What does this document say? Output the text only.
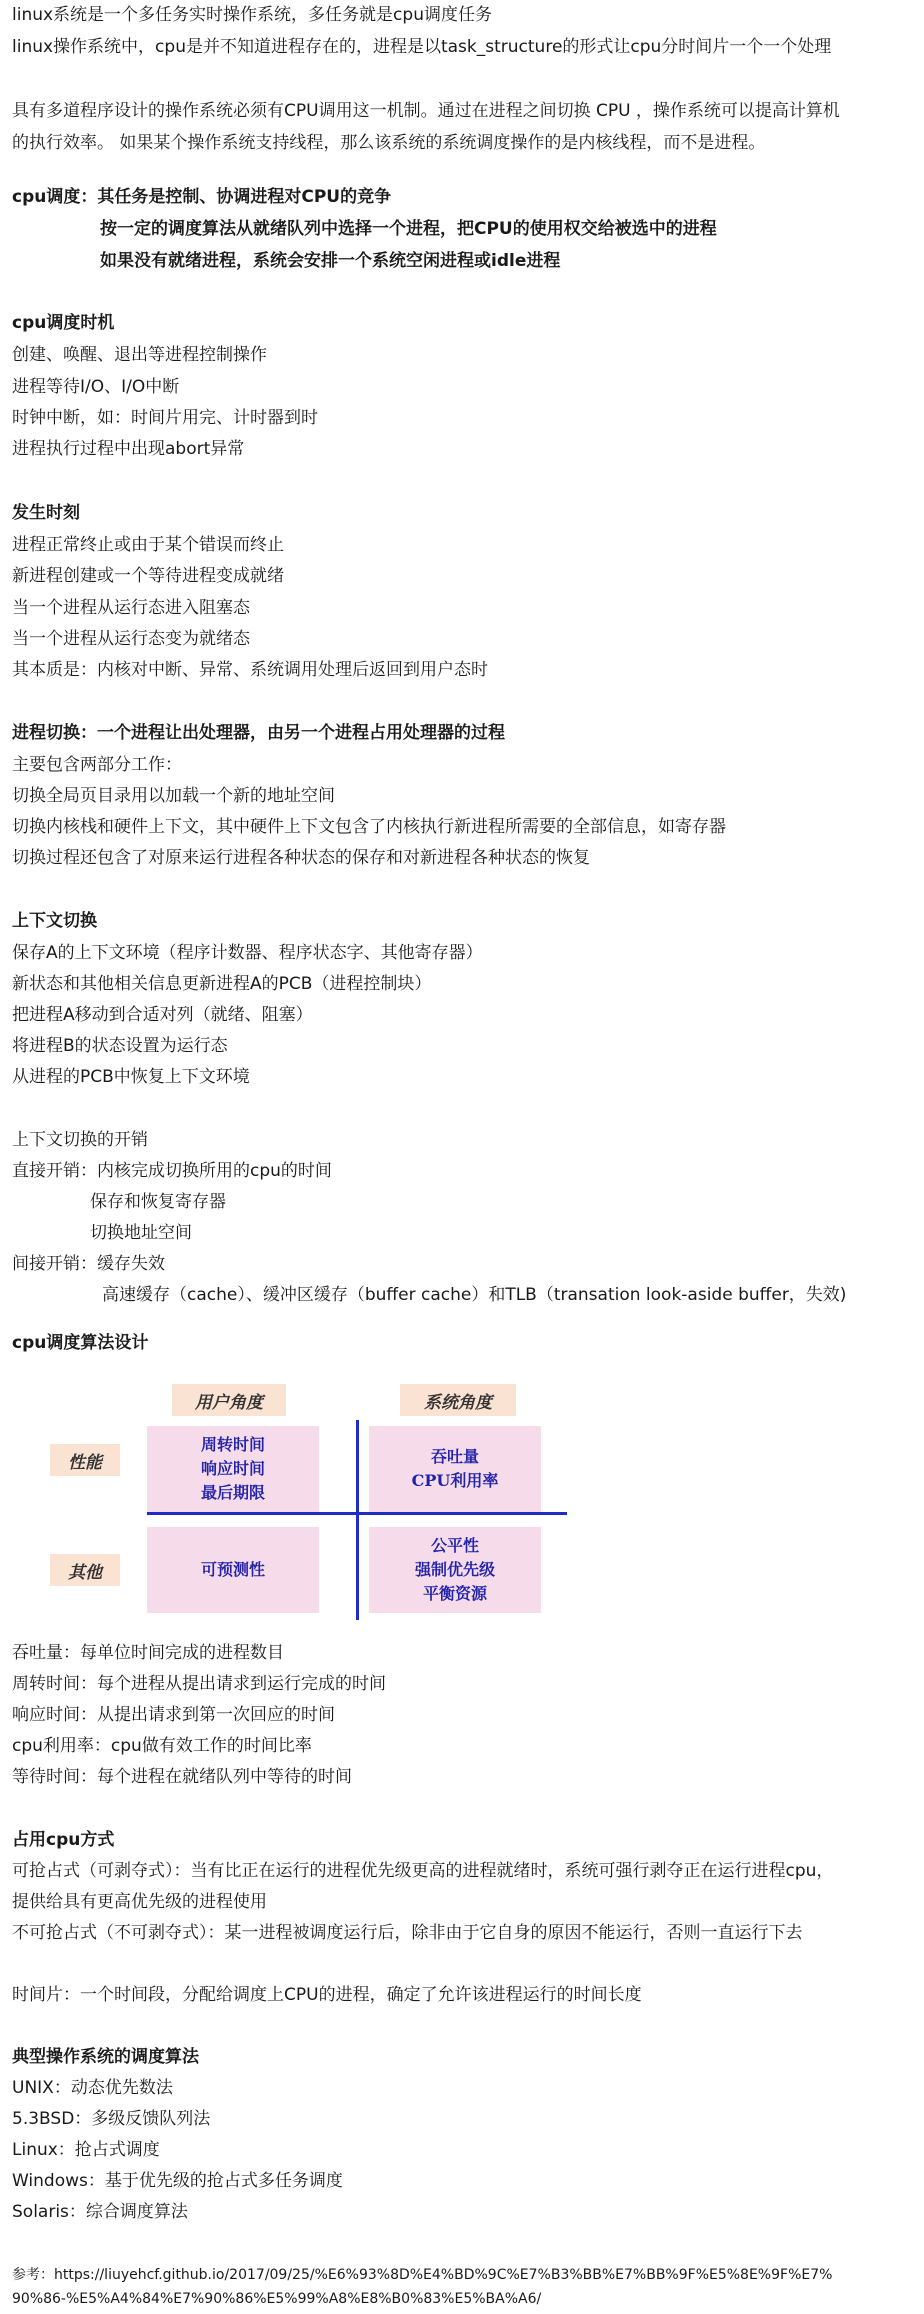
linux系统是一个多任务实时操作系统，多任务就是cpu调度任务
linux操作系统中，cpu是并不知道进程存在的，进程是以task_structure的形式让cpu分时间片一个一个处理
具有多道程序设计的操作系统必须有CPU调用这一机制。通过在进程之间切换 CPU ，操作系统可以提高计算机
的执行效率。 如果某个操作系统支持线程，那么该系统的系统调度操作的是内核线程，而不是进程。
cpu调度：其任务是控制、协调进程对CPU的竞争
按一定的调度算法从就绪队列中选择一个进程，把CPU的使用权交给被选中的进程
如果没有就绪进程，系统会安排一个系统空闲进程或idle进程
cpu调度时机
创建、唤醒、退出等进程控制操作
进程等待I/O、I/O中断
时钟中断，如：时间片用完、计时器到时
进程执行过程中出现abort异常
发生时刻
进程正常终止或由于某个错误而终止
新进程创建或一个等待进程变成就绪
当一个进程从运行态进入阻塞态
当一个进程从运行态变为就绪态
其本质是：内核对中断、异常、系统调用处理后返回到用户态时
进程切换：一个进程让出处理器，由另一个进程占用处理器的过程
主要包含两部分工作：
切换全局页目录用以加载一个新的地址空间
切换内核栈和硬件上下文，其中硬件上下文包含了内核执行新进程所需要的全部信息，如寄存器
切换过程还包含了对原来运行进程各种状态的保存和对新进程各种状态的恢复
上下文切换
保存A的上下文环境（程序计数器、程序状态字、其他寄存器）
新状态和其他相关信息更新进程A的PCB（进程控制块）
把进程A移动到合适对列（就绪、阻塞）
将进程B的状态设置为运行态
从进程的PCB中恢复上下文环境
上下文切换的开销
直接开销：内核完成切换所用的cpu的时间
保存和恢复寄存器
切换地址空间
间接开销：缓存失效
高速缓存（cache）、缓冲区缓存（buffer cache）和TLB（transation look-aside buffer，失效)
cpu调度算法设计
用户角度	系统角度
性能
其他
周转时间
响应时间
最后期限
吞吐量
CPU利用率
可预测性
公平性
强制优先级
平衡资源
吞吐量：每单位时间完成的进程数目
周转时间：每个进程从提出请求到运行完成的时间
响应时间：从提出请求到第一次回应的时间
cpu利用率：cpu做有效工作的时间比率
等待时间：每个进程在就绪队列中等待的时间
占用cpu方式
可抢占式（可剥夺式）：当有比正在运行的进程优先级更高的进程就绪时，系统可强行剥夺正在运行进程cpu，
提供给具有更高优先级的进程使用
不可抢占式（不可剥夺式）：某一进程被调度运行后，除非由于它自身的原因不能运行，否则一直运行下去
时间片：一个时间段，分配给调度上CPU的进程，确定了允许该进程运行的时间长度
典型操作系统的调度算法
UNIX：动态优先数法
5.3BSD：多级反馈队列法
Linux：抢占式调度
Windows：基于优先级的抢占式多任务调度
Solaris：综合调度算法
参考：https://liuyehcf.github.io/2017/09/25/%E6%93%8D%E4%BD%9C%E7%B3%BB%E7%BB%9F%E5%8E%9F%E7%
90%86-%E5%A4%84%E7%90%86%E5%99%A8%E8%B0%83%E5%BA%A6/
